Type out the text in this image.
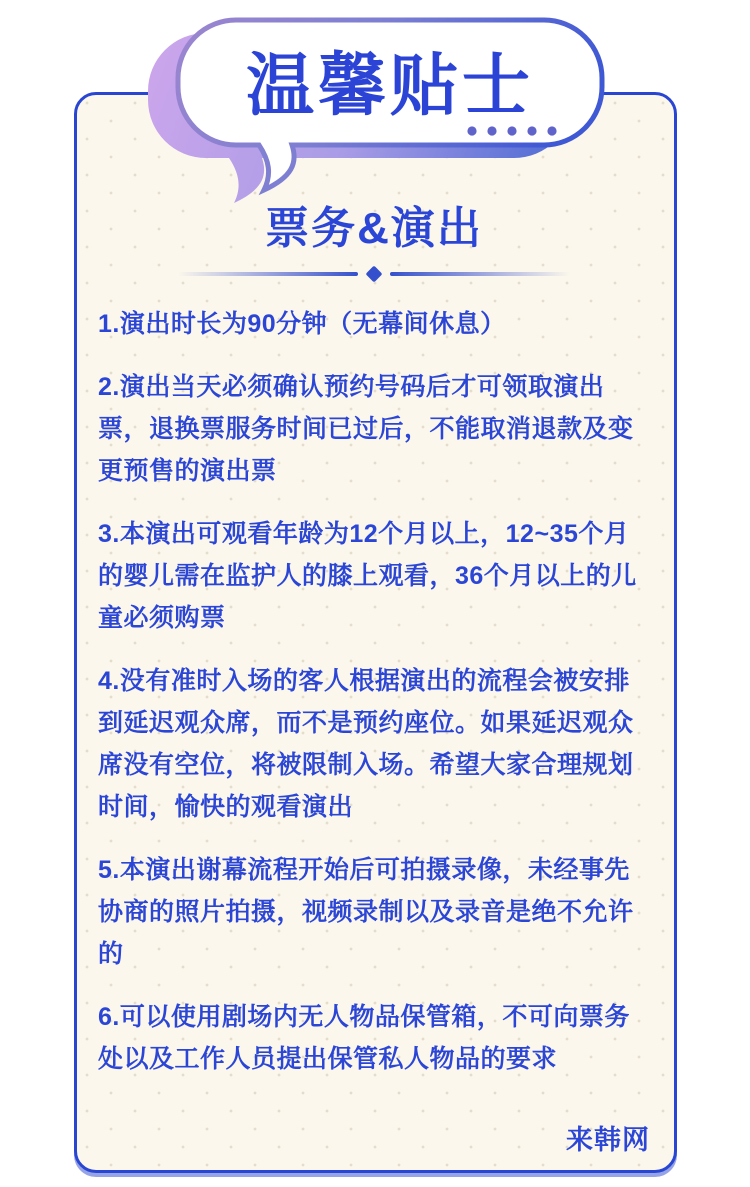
票务&演出

1.演出时长为90分钟（无幕间休息）

2.演出当天必须确认预约号码后才可领取演出票，退换票服务时间已过后，不能取消退款及变更预售的演出票

3.本演出可观看年龄为12个月以上，12~35个月的婴儿需在监护人的膝上观看，36个月以上的儿童必须购票

4.没有准时入场的客人根据演出的流程会被安排到延迟观众席，而不是预约座位。如果延迟观众席没有空位，将被限制入场。希望大家合理规划时间，愉快的观看演出

5.本演出谢幕流程开始后可拍摄录像，未经事先协商的照片拍摄，视频录制以及录音是绝不允许的

6.可以使用剧场内无人物品保管箱，不可向票务处以及工作人员提出保管私人物品的要求

来韩网
温馨贴士
